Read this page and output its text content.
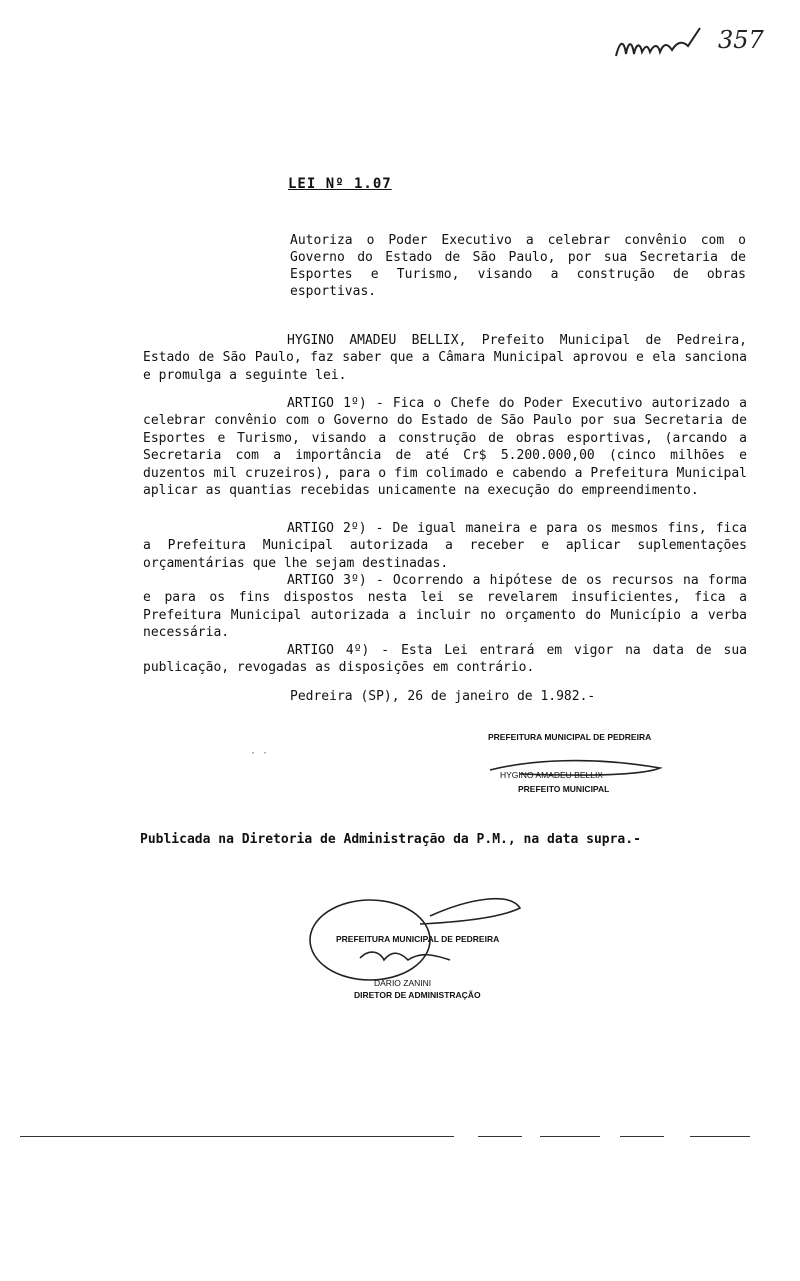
357
LEI Nº 1.07
Autoriza o Poder Executivo a celebrar convênio com o Governo do Estado de São Paulo, por sua Secretaria de Esportes e Turismo, visando a construção de obras esportivas.
HYGINO AMADEU BELLIX, Prefeito Municipal de Pedreira, Estado de São Paulo, faz saber que a Câmara Municipal aprovou e ela sanciona e promulga a seguinte lei.
ARTIGO 1º) - Fica o Chefe do Poder Executivo autorizado a celebrar convênio com o Governo do Estado de São Paulo por sua Secretaria de Esportes e Turismo, visando a construção de obras esportivas, (arcando a Secretaria com a importância de até Cr$ 5.200.000,00 (cinco milhões e duzentos mil cruzeiros), para o fim colimado e cabendo a Prefeitura Municipal aplicar as quantias recebidas unicamente na execução do empreendimento.
ARTIGO 2º) - De igual maneira e para os mesmos fins, fica a Prefeitura Municipal autorizada a receber e aplicar suplementações orçamentárias que lhe sejam destinadas.
ARTIGO 3º) - Ocorrendo a hipótese de os recursos na forma e para os fins dispostos nesta lei se revelarem insuficientes, fica a Prefeitura Municipal autorizada a incluir no orçamento do Município a verba necessária.
ARTIGO 4º) - Esta Lei entrará em vigor na data de sua publicação, revogadas as disposições em contrário.
Pedreira (SP), 26 de janeiro de 1.982.-
· ·
PREFEITURA MUNICIPAL DE PEDREIRA
HYGINO AMADEU BELLIX
PREFEITO MUNICIPAL
Publicada na Diretoria de Administração da P.M., na data supra.-
PREFEITURA MUNICIPAL DE PEDREIRA
DARIO ZANINI
DIRETOR DE ADMINISTRAÇÃO
